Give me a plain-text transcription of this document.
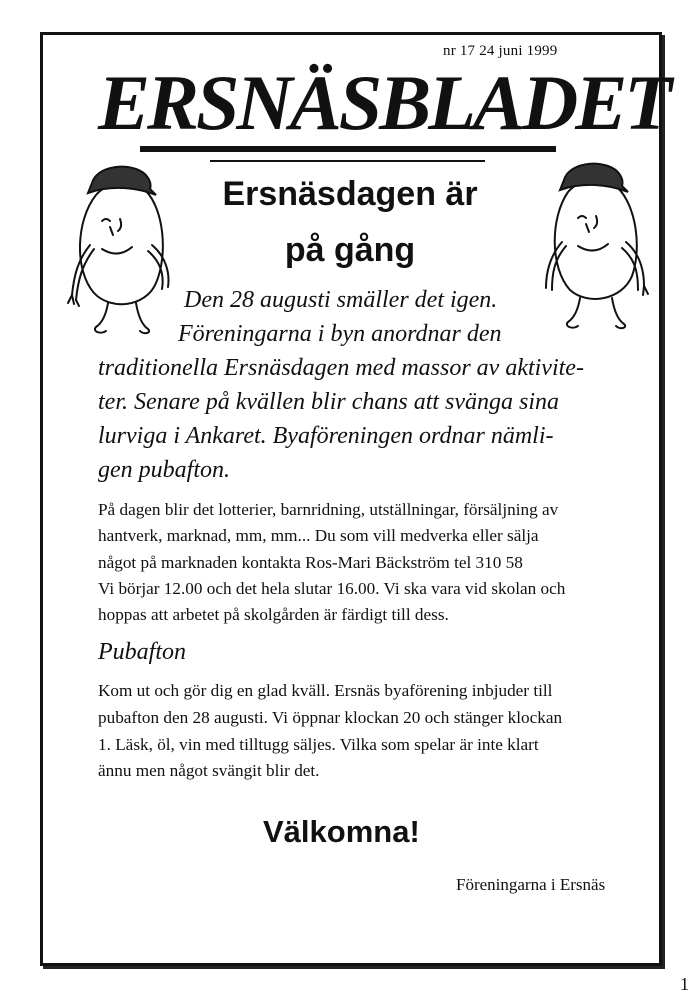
nr 17 24 juni 1999
ERSNÄSBLADET
Ersnäsdagen är
på gång
Den 28 augusti smäller det igen.
Föreningarna i byn anordnar den
traditionella Ersnäsdagen med massor av aktivite-
ter. Senare på kvällen blir chans att svänga sina
lurviga i Ankaret. Byaföreningen ordnar nämli-
gen pubafton.
På dagen blir det lotterier, barnridning, utställningar, försäljning av
hantverk, marknad, mm, mm... Du som vill medverka eller sälja
något på marknaden kontakta Ros-Mari Bäckström tel 310 58
Vi börjar 12.00 och det hela slutar 16.00. Vi ska vara vid skolan och
hoppas att arbetet på skolgården är färdigt till dess.
Pubafton
Kom ut och gör dig en glad kväll. Ersnäs byaförening inbjuder till
pubafton den 28 augusti. Vi öppnar klockan 20 och stänger klockan
1. Läsk, öl, vin med tilltugg säljes. Vilka som spelar är inte klart
ännu men något svängit blir det.
Välkomna!
Föreningarna i Ersnäs
1
